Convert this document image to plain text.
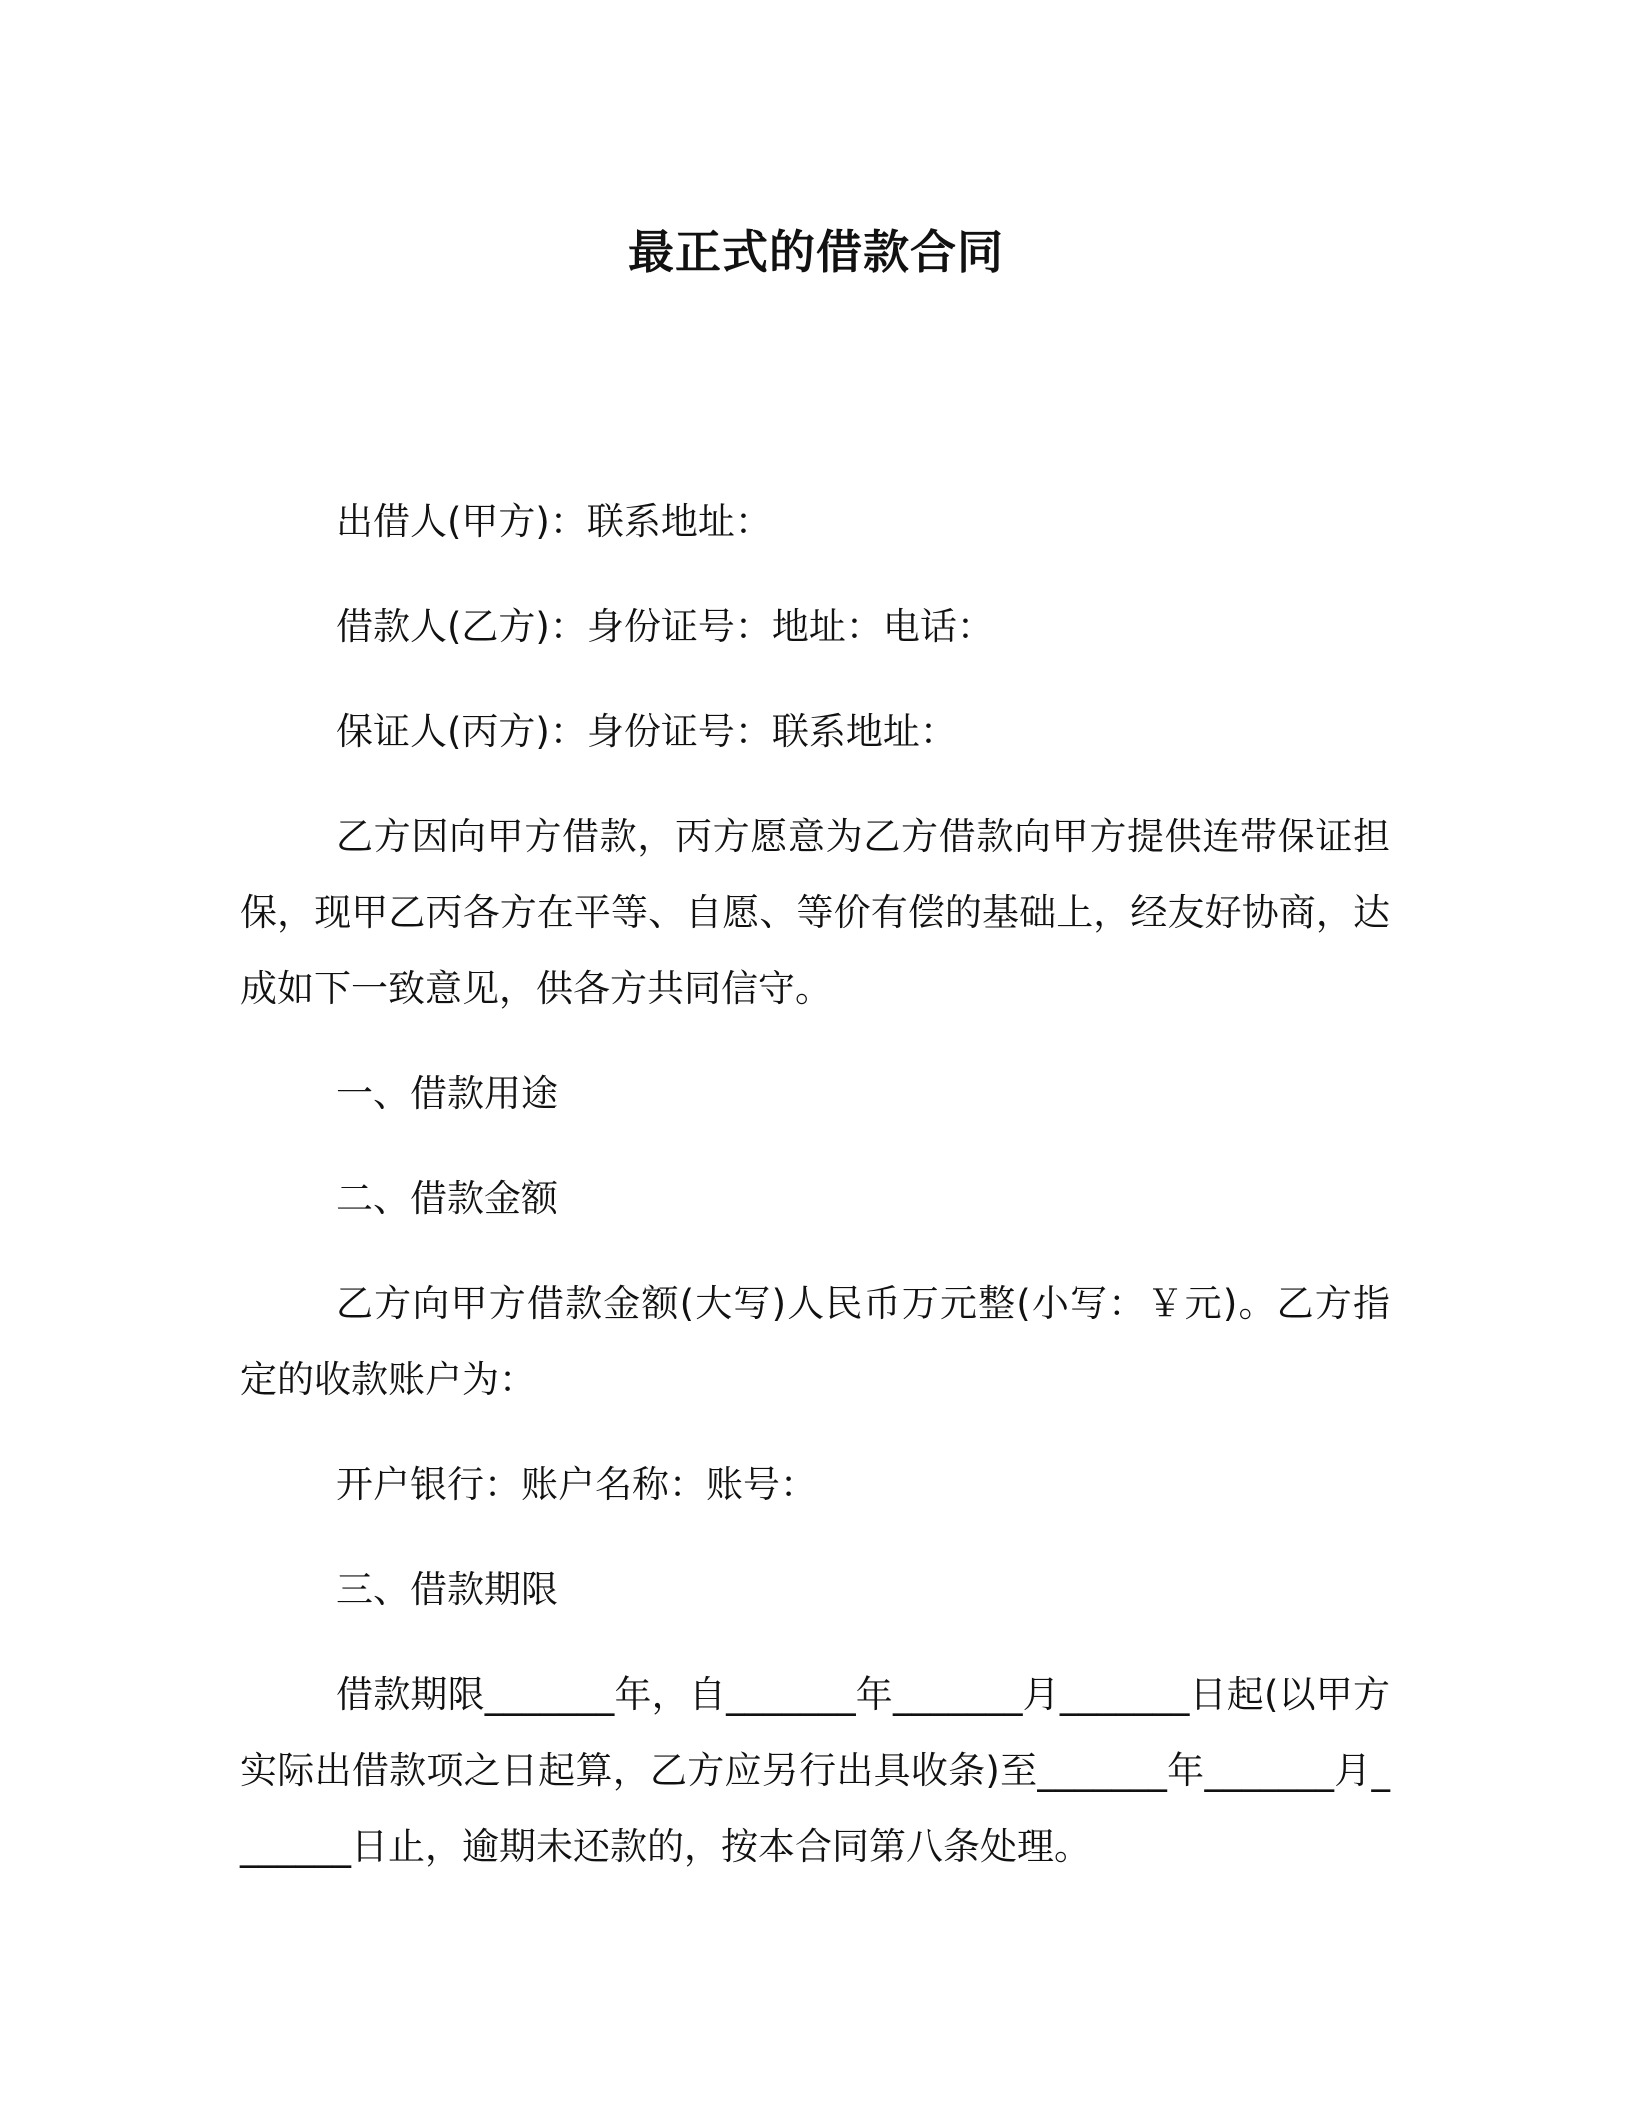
最正式的借款合同

出借人(甲方)：联系地址：

借款人(乙方)：身份证号：地址：电话：

保证人(丙方)：身份证号：联系地址：

乙方因向甲方借款，丙方愿意为乙方借款向甲方提供连带保证担保，现甲乙丙各方在平等、自愿、等价有偿的基础上，经友好协商，达成如下一致意见，供各方共同信守。

一、借款用途

二、借款金额

乙方向甲方借款金额(大写)人民币万元整(小写：￥元)。乙方指定的收款账户为：

开户银行：账户名称：账号：

三、借款期限

借款期限_______年，自_______年_______月_______日起(以甲方实际出借款项之日起算，乙方应另行出具收条)至_______年_______月_______日止，逾期未还款的，按本合同第八条处理。
